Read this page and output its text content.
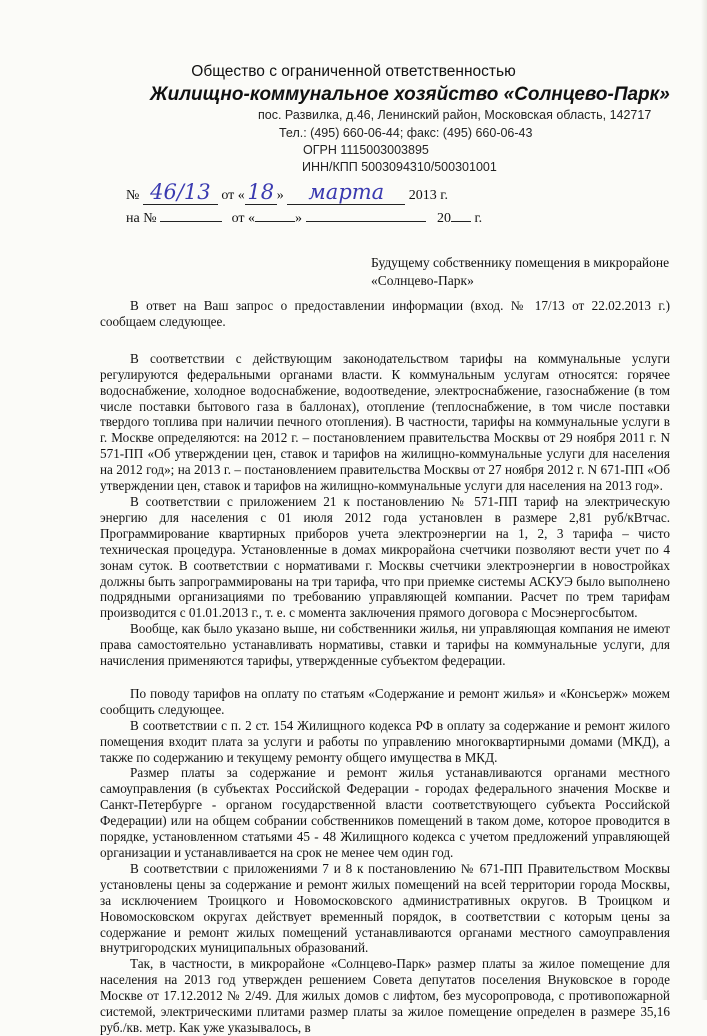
Общество с ограниченной ответственностью
Жилищно-коммунальное хозяйство «Солнцево-Парк»
пос. Развилка, д.46, Ленинский район, Московская область, 142717
Тел.: (495) 660-06-44; факс: (495) 660-06-43
ОГРН 1115003003895
ИНН/КПП 5003094310/500301001
№ 46/13 от « 18 » марта 2013 г.
на №	от «	»	20 г.
Будущему собственнику помещения в микрорайоне
«Солнцево-Парк»

В ответ на Ваш запрос о предоставлении информации (вход. № 17/13 от 22.02.2013 г.) сообщаем следующее.

В соответствии с действующим законодательством тарифы на коммунальные услуги регулируются федеральными органами власти. К коммунальным услугам относятся: горячее водоснабжение, холодное водоснабжение, водоотведение, электроснабжение, газоснабжение (в том числе поставки бытового газа в баллонах), отопление (теплоснабжение, в том числе поставки твердого топлива при наличии печного отопления). В частности, тарифы на коммунальные услуги в г. Москве определяются: на 2012 г. – постановлением правительства Москвы от 29 ноября 2011 г. N 571-ПП «Об утверждении цен, ставок и тарифов на жилищно-коммунальные услуги для населения на 2012 год»; на 2013 г. – постановлением правительства Москвы от 27 ноября 2012 г. N 671-ПП «Об утверждении цен, ставок и тарифов на жилищно-коммунальные услуги для населения на 2013 год».

В соответствии с приложением 21 к постановлению № 571-ПП тариф на электрическую энергию для населения с 01 июля 2012 года установлен в размере 2,81 руб/кВтчас. Программирование квартирных приборов учета электроэнергии на 1, 2, 3 тарифа – чисто техническая процедура. Установленные в домах микрорайона счетчики позволяют вести учет по 4 зонам суток. В соответствии с нормативами г. Москвы счетчики электроэнергии в новостройках должны быть запрограммированы на три тарифа, что при приемке системы АСКУЭ было выполнено подрядными организациями по требованию управляющей компании. Расчет по трем тарифам производится с 01.01.2013 г., т. е. с момента заключения прямого договора с Мосэнергосбытом.

Вообще, как было указано выше, ни собственники жилья, ни управляющая компания не имеют права самостоятельно устанавливать нормативы, ставки и тарифы на коммунальные услуги, для начисления применяются тарифы, утвержденные субъектом федерации.

По поводу тарифов на оплату по статьям «Содержание и ремонт жилья» и «Консьерж» можем сообщить следующее.

В соответствии с п. 2 ст. 154 Жилищного кодекса РФ в оплату за содержание и ремонт жилого помещения входит плата за услуги и работы по управлению многоквартирными домами (МКД), а также по содержанию и текущему ремонту общего имущества в МКД.

Размер платы за содержание и ремонт жилья устанавливаются органами местного самоуправления (в субъектах Российской Федерации - городах федерального значения Москве и Санкт-Петербурге - органом государственной власти соответствующего субъекта Российской Федерации) или на общем собрании собственников помещений в таком доме, которое проводится в порядке, установленном статьями 45 - 48 Жилищного кодекса с учетом предложений управляющей организации и устанавливается на срок не менее чем один год.

В соответствии с приложениями 7 и 8 к постановлению № 671-ПП Правительством Москвы установлены цены за содержание и ремонт жилых помещений на всей территории города Москвы, за исключением Троицкого и Новомосковского административных округов. В Троицком и Новомосковском округах действует временный порядок, в соответствии с которым цены за содержание и ремонт жилых помещений устанавливаются органами местного самоуправления внутригородских муниципальных образований.

Так, в частности, в микрорайоне «Солнцево-Парк» размер платы за жилое помещение для населения на 2013 год утвержден решением Совета депутатов поселения Внуковское в городе Москве от 17.12.2012 № 2/49. Для жилых домов с лифтом, без мусоропровода, с противопожарной системой, электрическими плитами размер платы за жилое помещение определен в размере 35,16 руб./кв. метр. Как уже указывалось, в
